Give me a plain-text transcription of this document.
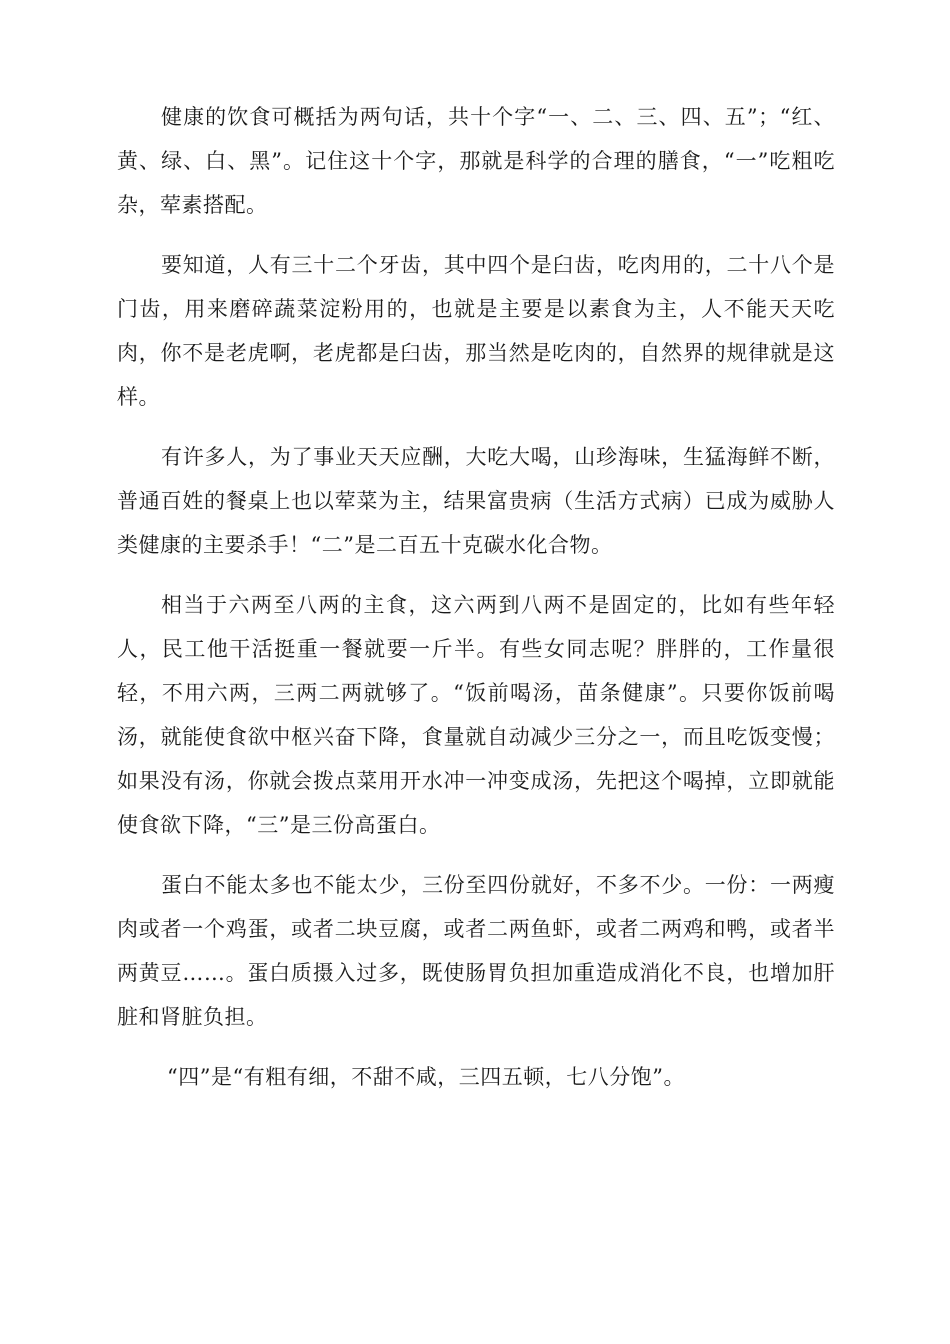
健康的饮食可概括为两句话，共十个字“一、二、三、四、五”；“红、黄、绿、白、黑”。记住这十个字，那就是科学的合理的膳食，“一”吃粗吃杂，荤素搭配。

要知道，人有三十二个牙齿，其中四个是臼齿，吃肉用的，二十八个是门齿，用来磨碎蔬菜淀粉用的，也就是主要是以素食为主，人不能天天吃肉，你不是老虎啊，老虎都是臼齿，那当然是吃肉的，自然界的规律就是这样。

有许多人，为了事业天天应酬，大吃大喝，山珍海味，生猛海鲜不断，普通百姓的餐桌上也以荤菜为主，结果富贵病（生活方式病）已成为威胁人类健康的主要杀手！“二”是二百五十克碳水化合物。

相当于六两至八两的主食，这六两到八两不是固定的，比如有些年轻人，民工他干活挺重一餐就要一斤半。有些女同志呢？胖胖的，工作量很轻，不用六两，三两二两就够了。“饭前喝汤，苗条健康”。只要你饭前喝汤，就能使食欲中枢兴奋下降，食量就自动减少三分之一，而且吃饭变慢；如果没有汤，你就会拨点菜用开水冲一冲变成汤，先把这个喝掉，立即就能使食欲下降，“三”是三份高蛋白。

蛋白不能太多也不能太少，三份至四份就好，不多不少。一份：一两瘦肉或者一个鸡蛋，或者二块豆腐，或者二两鱼虾，或者二两鸡和鸭，或者半两黄豆……。蛋白质摄入过多，既使肠胃负担加重造成消化不良，也增加肝脏和肾脏负担。

“四”是“有粗有细，不甜不咸，三四五顿，七八分饱”。
